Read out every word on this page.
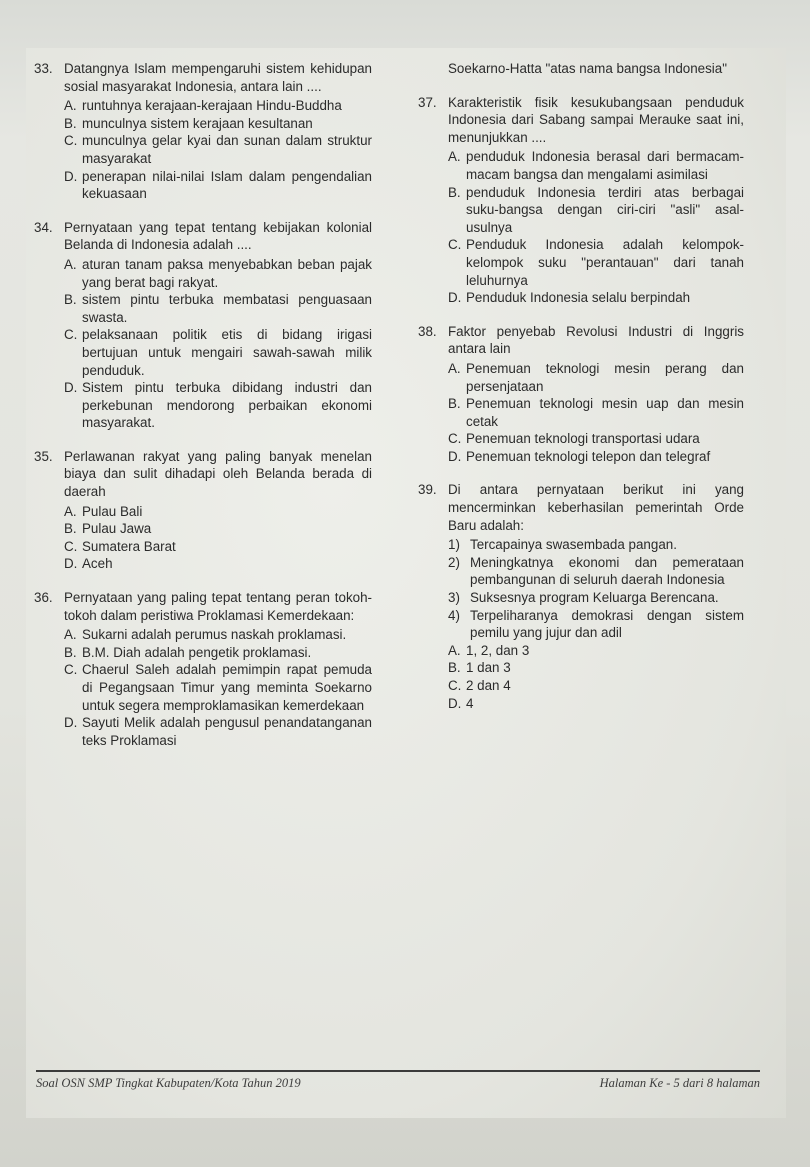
33. Datangnya Islam mempengaruhi sistem kehidupan sosial masyarakat Indonesia, antara lain ....
A. runtuhnya kerajaan-kerajaan Hindu-Buddha
B. munculnya sistem kerajaan kesultanan
C. munculnya gelar kyai dan sunan dalam struktur masyarakat
D. penerapan nilai-nilai Islam dalam pengendalian kekuasaan
34. Pernyataan yang tepat tentang kebijakan kolonial Belanda di Indonesia adalah ....
A. aturan tanam paksa menyebabkan beban pajak yang berat bagi rakyat.
B. sistem pintu terbuka membatasi penguasaan swasta.
C. pelaksanaan politik etis di bidang irigasi bertujuan untuk mengairi sawah-sawah milik penduduk.
D. Sistem pintu terbuka dibidang industri dan perkebunan mendorong perbaikan ekonomi masyarakat.
35. Perlawanan rakyat yang paling banyak menelan biaya dan sulit dihadapi oleh Belanda berada di daerah
A. Pulau Bali
B. Pulau Jawa
C. Sumatera Barat
D. Aceh
36. Pernyataan yang paling tepat tentang peran tokoh-tokoh dalam peristiwa Proklamasi Kemerdekaan:
A. Sukarni adalah perumus naskah proklamasi.
B. B.M. Diah adalah pengetik proklamasi.
C. Chaerul Saleh adalah pemimpin rapat pemuda di Pegangsaan Timur yang meminta Soekarno untuk segera memproklamasikan kemerdekaan
D. Sayuti Melik adalah pengusul penandatanganan teks Proklamasi
Soekarno-Hatta "atas nama bangsa Indonesia"
37. Karakteristik fisik kesukubangsaan penduduk Indonesia dari Sabang sampai Merauke saat ini, menunjukkan ....
A. penduduk Indonesia berasal dari bermacam-macam bangsa dan mengalami asimilasi
B. penduduk Indonesia terdiri atas berbagai suku-bangsa dengan ciri-ciri "asli" asal-usulnya
C. Penduduk Indonesia adalah kelompok-kelompok suku "perantauan" dari tanah leluhurnya
D. Penduduk Indonesia selalu berpindah
38. Faktor penyebab Revolusi Industri di Inggris antara lain
A. Penemuan teknologi mesin perang dan persenjataan
B. Penemuan teknologi mesin uap dan mesin cetak
C. Penemuan teknologi transportasi udara
D. Penemuan teknologi telepon dan telegraf
39. Di antara pernyataan berikut ini yang mencerminkan keberhasilan pemerintah Orde Baru adalah:
1) Tercapainya swasembada pangan.
2) Meningkatnya ekonomi dan pemerataan pembangunan di seluruh daerah Indonesia
3) Suksesnya program Keluarga Berencana.
4) Terpeliharanya demokrasi dengan sistem pemilu yang jujur dan adil
A. 1, 2, dan 3
B. 1 dan 3
C. 2 dan 4
D. 4
Soal OSN SMP Tingkat Kabupaten/Kota Tahun 2019	Halaman Ke - 5 dari 8 halaman
